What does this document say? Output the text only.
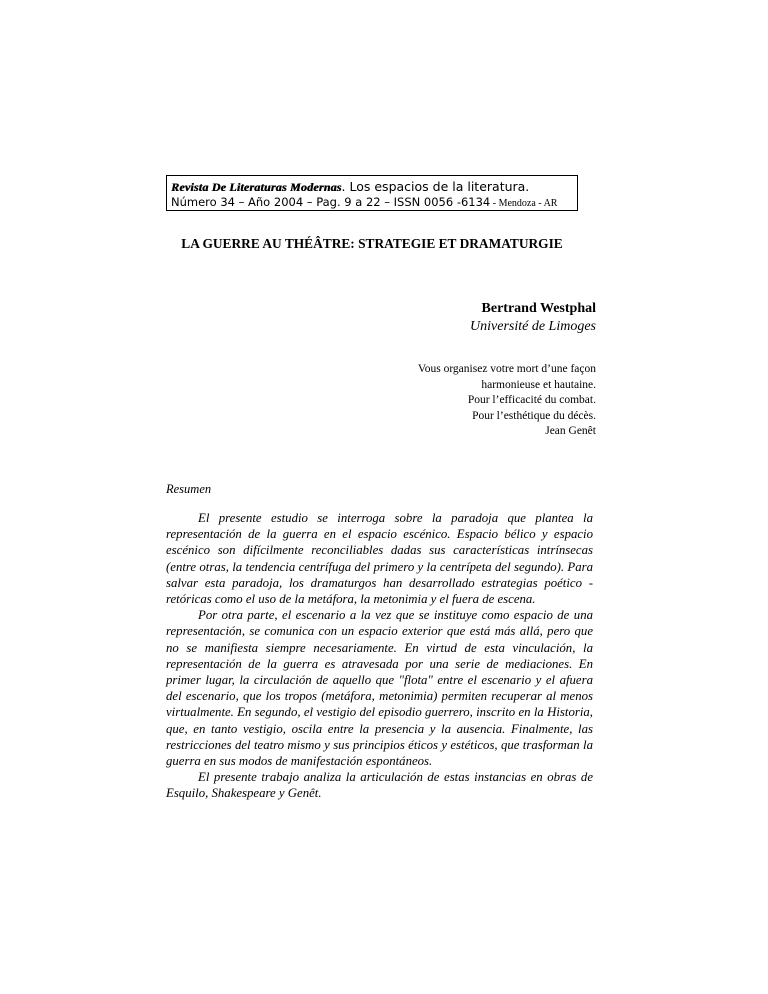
Revista De Literaturas Modernas. Los espacios de la literatura.
Número 34 – Año 2004 – Pag. 9 a 22 – ISSN 0056 -6134 - Mendoza - AR
LA GUERRE AU THÉÂTRE: STRATEGIE ET DRAMATURGIE
Bertrand Westphal
Université de Limoges
Vous organisez votre mort d’une façon
harmonieuse et hautaine.
Pour l’efficacité du combat.
Pour l’esthétique du décès.
Jean Genêt
Resumen

El presente estudio se interroga sobre la paradoja que plantea la representación de la guerra en el espacio escénico. Espacio bélico y espacio escénico son difícilmente reconciliables dadas sus características intrínsecas (entre otras, la tendencia centrífuga del primero y la centrípeta del segundo). Para salvar esta paradoja, los dramaturgos han desarrollado estrategias poético -retóricas como el uso de la metáfora, la metonimia y el fuera de escena.

Por otra parte, el escenario a la vez que se instituye como espacio de una representación, se comunica con un espacio exterior que está más allá, pero que no se manifiesta siempre necesariamente. En virtud de esta vinculación, la representación de la guerra es atravesada por una serie de mediaciones. En primer lugar, la circulación de aquello que "flota" entre el escenario y el afuera del escenario, que los tropos (metáfora, metonimia) permiten recuperar al menos virtualmente. En segundo, el vestigio del episodio guerrero, inscrito en la Historia, que, en tanto vestigio, oscila entre la presencia y la ausencia. Finalmente, las restricciones del teatro mismo y sus principios éticos y estéticos, que trasforman la guerra en sus modos de manifestación espontáneos.

El presente trabajo analiza la articulación de estas instancias en obras de Esquilo, Shakespeare y Genêt.
